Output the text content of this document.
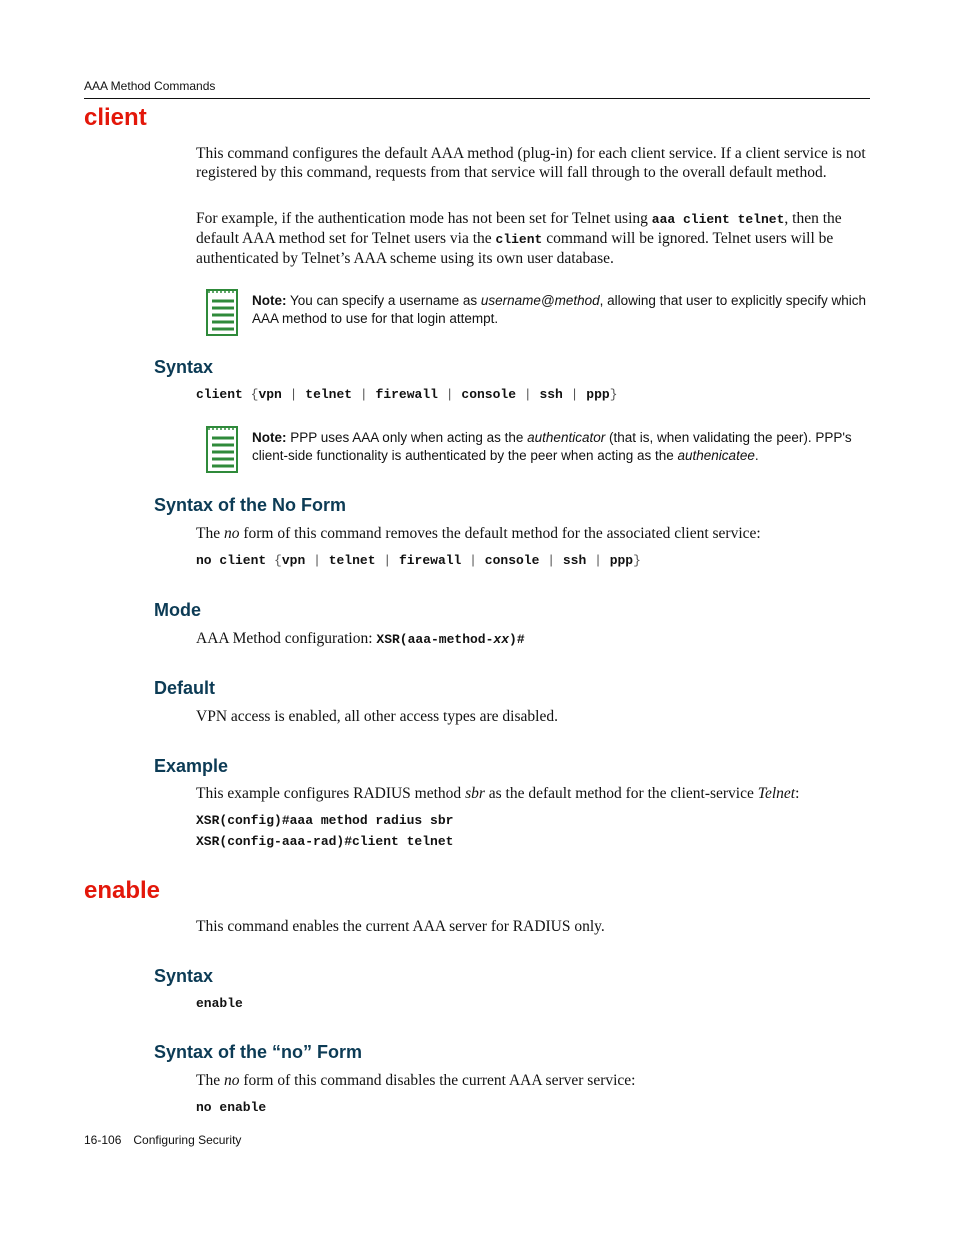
AAA Method Commands
client
This command configures the default AAA method (plug-in) for each client service. If a client service is not registered by this command, requests from that service will fall through to the overall default method.
For example, if the authentication mode has not been set for Telnet using aaa client telnet, then the default AAA method set for Telnet users via the client command will be ignored. Telnet users will be authenticated by Telnet’s AAA scheme using its own user database.
Note: You can specify a username as username@method, allowing that user to explicitly specify which AAA method to use for that login attempt.
Syntax
client {vpn | telnet | firewall | console | ssh | ppp}
Note: PPP uses AAA only when acting as the authenticator (that is, when validating the peer). PPP's client-side functionality is authenticated by the peer when acting as the authenicatee.
Syntax of the No Form
The no form of this command removes the default method for the associated client service:
no client {vpn | telnet | firewall | console | ssh | ppp}
Mode
AAA Method configuration: XSR(aaa-method-xx)#
Default
VPN access is enabled, all other access types are disabled.
Example
This example configures RADIUS method sbr as the default method for the client-service Telnet:
XSR(config)#aaa method radius sbr
XSR(config-aaa-rad)#client telnet
enable
This command enables the current AAA server for RADIUS only.
Syntax
enable
Syntax of the “no” Form
The no form of this command disables the current AAA server service:
no enable
16-106 Configuring Security
